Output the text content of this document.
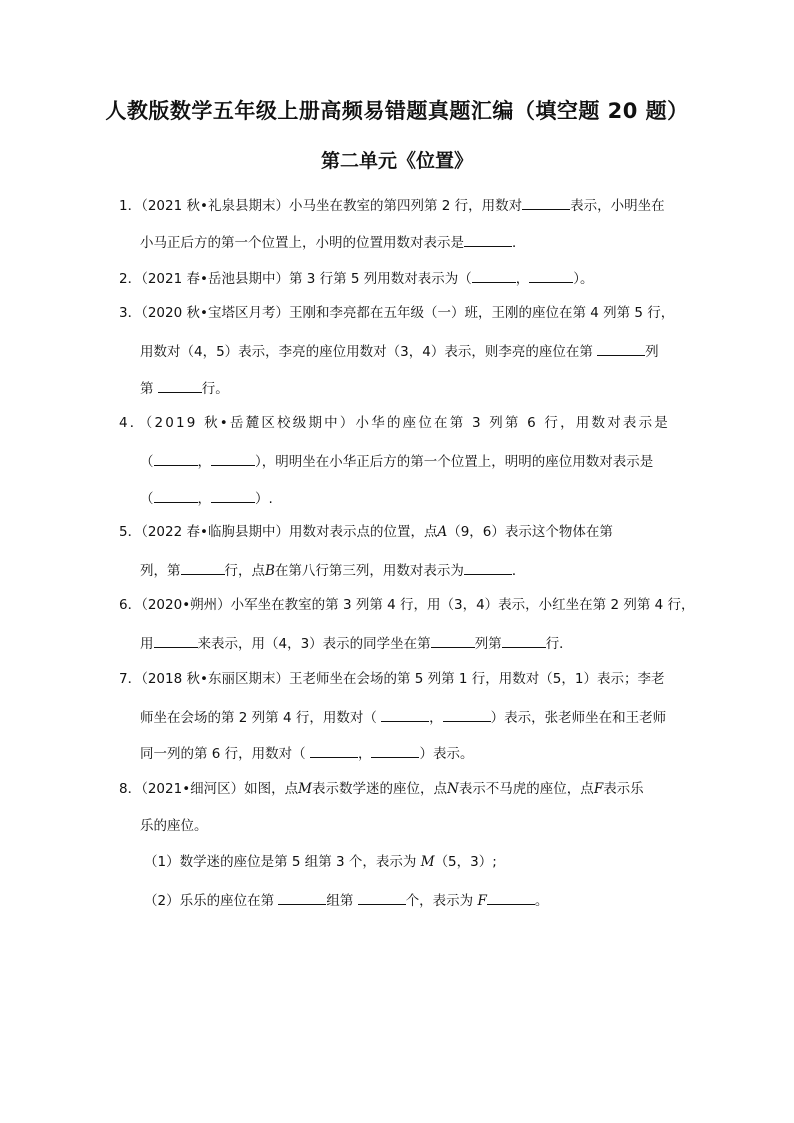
人教版数学五年级上册高频易错题真题汇编（填空题 20 题）
第二单元《位置》
1．（2021 秋•礼泉县期末）小马坐在教室的第四列第 2 行，用数对	表示，小明坐在
小马正后方的第一个位置上，小明的位置用数对表示是	．
2．（2021 春•岳池县期中）第 3 行第 5 列用数对表示为（	，	）。
3．（2020 秋•宝塔区月考）王刚和李亮都在五年级（一）班，王刚的座位在第 4 列第 5 行，
用数对（4，5）表示，李亮的座位用数对（3，4）表示，则李亮的座位在第	列
第	行。
4．（2019 秋•岳麓区校级期中）小华的座位在第 3 列第 6 行，用数对表示是
（	，	），明明坐在小华正后方的第一个位置上，明明的座位用数对表示是
（	，	）.
5．（2022 春•临朐县期中）用数对表示点的位置，点A（9，6）表示这个物体在第
列，第	行，点B在第八行第三列，用数对表示为	．
6．（2020•朔州）小军坐在教室的第 3 列第 4 行，用（3，4）表示，小红坐在第 2 列第 4 行，
用	来表示，用（4，3）表示的同学坐在第	列第	行．
7．（2018 秋•东丽区期末）王老师坐在会场的第 5 列第 1 行，用数对（5，1）表示；李老
师坐在会场的第 2 列第 4 行，用数对（	，	）表示，张老师坐在和王老师
同一列的第 6 行，用数对（	，	）表示。
8．（2021•细河区）如图，点M表示数学迷的座位，点N表示不马虎的座位，点F表示乐
乐的座位。
（1）数学迷的座位是第 5 组第 3 个，表示为 M（5，3）;
（2）乐乐的座位在第	组第	个，表示为 F	。
